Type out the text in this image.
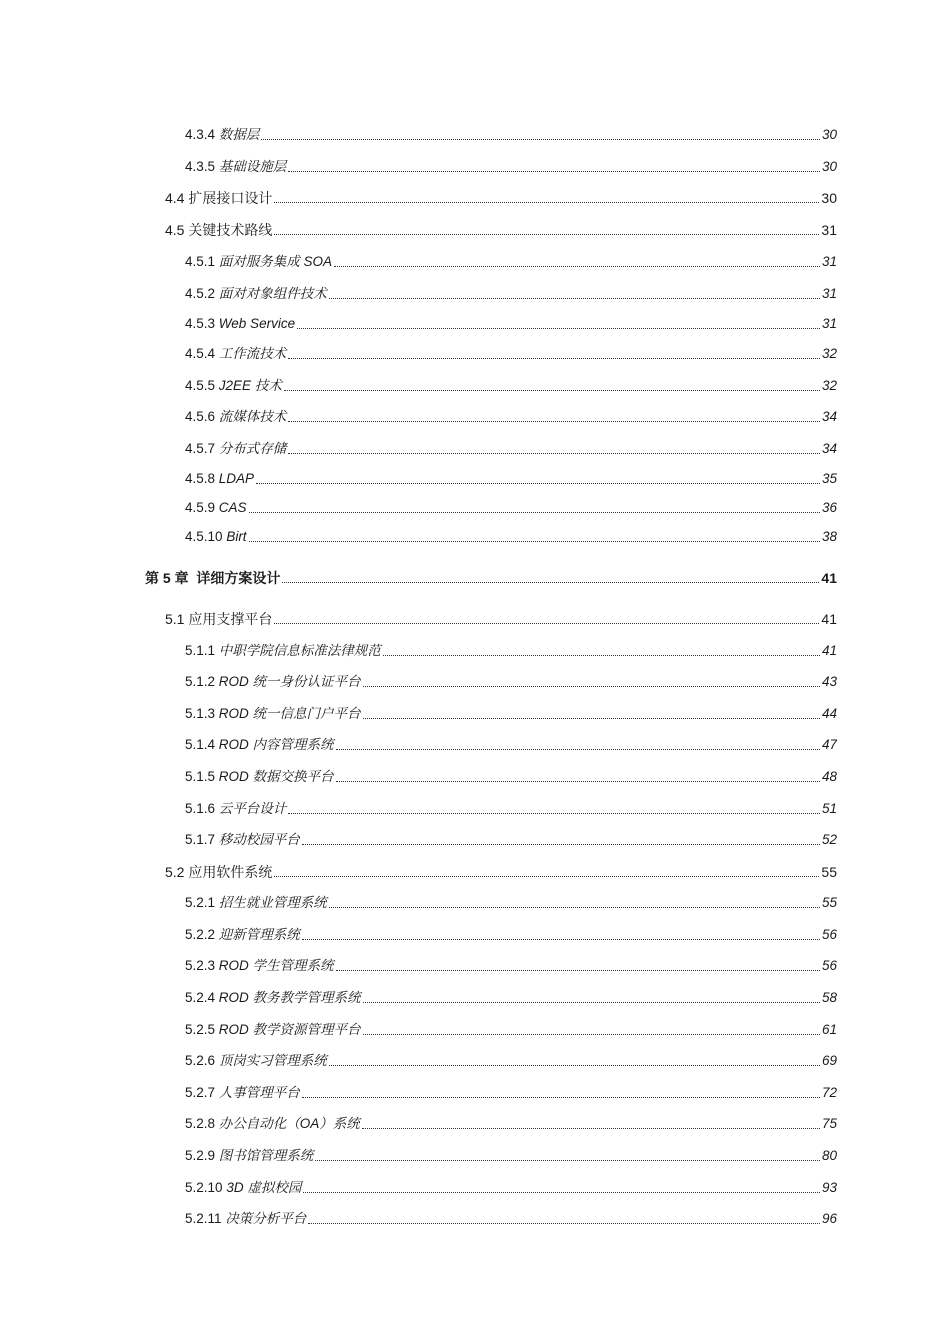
4.3.4 数据层	30
4.3.5 基础设施层	30
4.4 扩展接口设计	30
4.5 关键技术路线	31
4.5.1 面对服务集成 SOA	31
4.5.2 面对对象组件技术	31
4.5.3 Web Service	31
4.5.4 工作流技术	32
4.5.5 J2EE 技术	32
4.5.6 流媒体技术	34
4.5.7 分布式存储	34
4.5.8 LDAP	35
4.5.9 CAS	36
4.5.10 Birt	38
第 5 章 详细方案设计	41
5.1 应用支撑平台	41
5.1.1 中职学院信息标准法律规范	41
5.1.2 ROD 统一身份认证平台	43
5.1.3 ROD 统一信息门户平台	44
5.1.4 ROD 内容管理系统	47
5.1.5 ROD 数据交换平台	48
5.1.6 云平台设计	51
5.1.7 移动校园平台	52
5.2 应用软件系统	55
5.2.1 招生就业管理系统	55
5.2.2 迎新管理系统	56
5.2.3 ROD 学生管理系统	56
5.2.4 ROD 教务教学管理系统	58
5.2.5 ROD 教学资源管理平台	61
5.2.6 顶岗实习管理系统	69
5.2.7 人事管理平台	72
5.2.8 办公自动化（OA）系统	75
5.2.9 图书馆管理系统	80
5.2.10 3D 虚拟校园	93
5.2.11 决策分析平台	96
